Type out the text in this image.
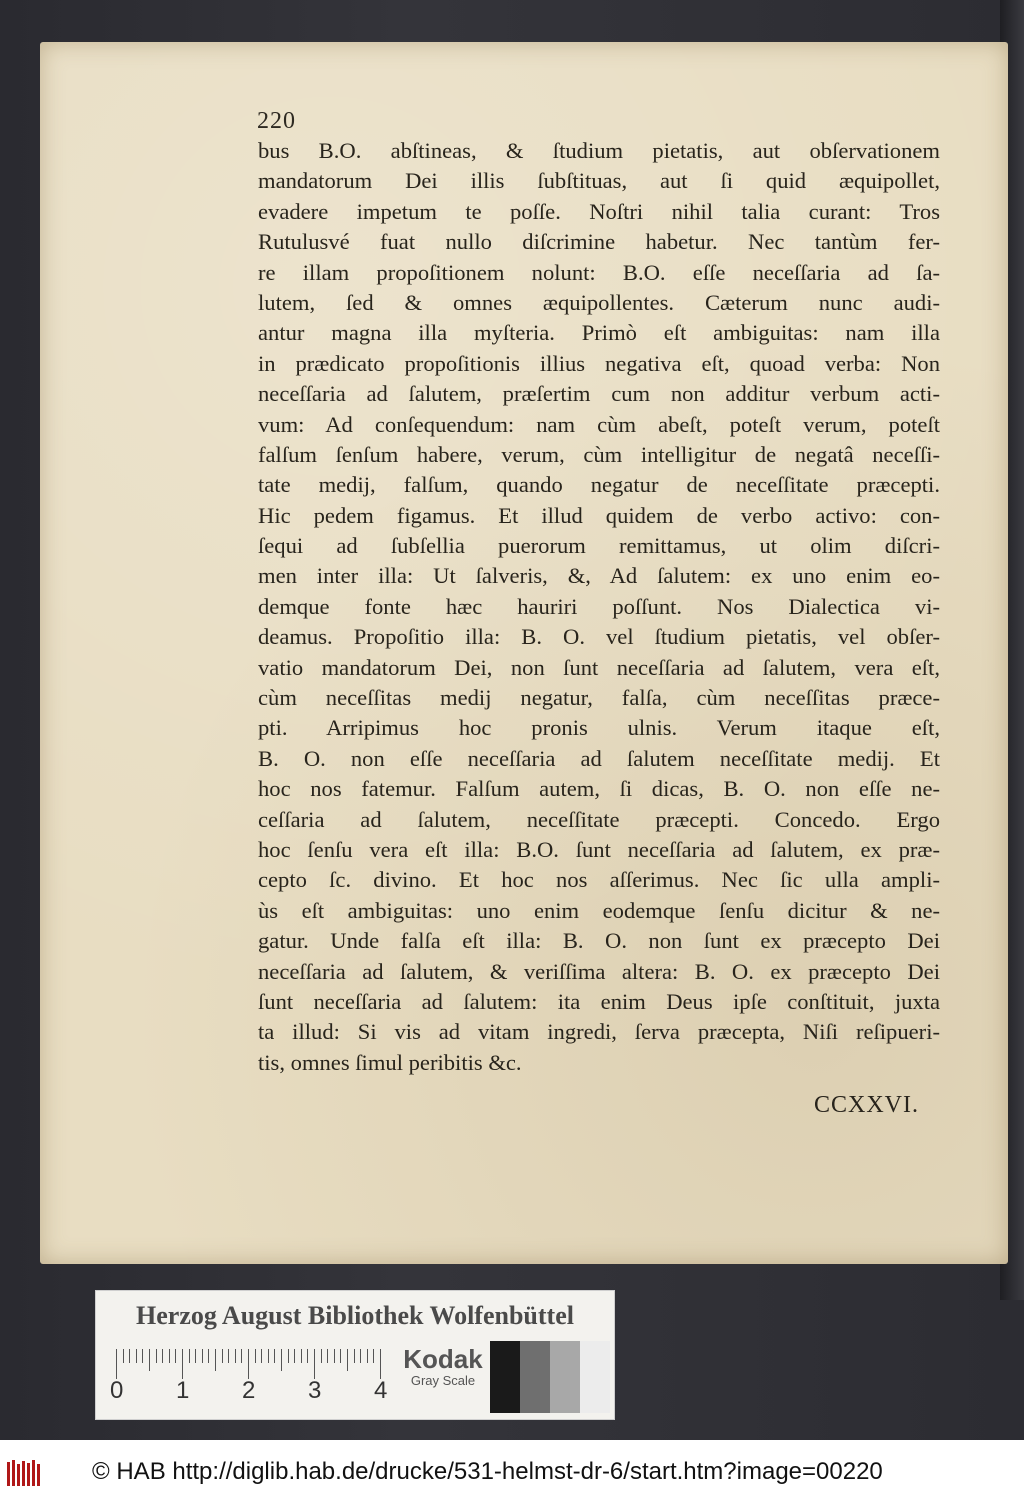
220
bus B.O. abſtineas, & ſtudium pietatis, aut obſervationem
mandatorum Dei illis ſubſtituas, aut ſi quid æquipollet,
evadere impetum te poſſe. Noſtri nihil talia curant: Tros
Rutulusvé fuat nullo diſcrimine habetur. Nec tantùm fer-
re illam propoſitionem nolunt: B.O. eſſe neceſſaria ad ſa-
lutem, ſed & omnes æquipollentes. Cæterum nunc audi-
antur magna illa myſteria. Primò eſt ambiguitas: nam illa
in prædicato propoſitionis illius negativa eſt, quoad verba: Non
neceſſaria ad ſalutem, præſertim cum non additur verbum acti-
vum: Ad conſequendum: nam cùm abeſt, poteſt verum, poteſt
falſum ſenſum habere, verum, cùm intelligitur de negatâ neceſſi-
tate medij, falſum, quando negatur de neceſſitate præcepti.
Hic pedem figamus. Et illud quidem de verbo activo: con-
ſequi ad ſubſellia puerorum remittamus, ut olim diſcri-
men inter illa: Ut ſalveris, &, Ad ſalutem: ex uno enim eo-
demque fonte hæc hauriri poſſunt. Nos Dialectica vi-
deamus. Propoſitio illa: B. O. vel ſtudium pietatis, vel obſer-
vatio mandatorum Dei, non ſunt neceſſaria ad ſalutem, vera eſt,
cùm neceſſitas medij negatur, falſa, cùm neceſſitas præce-
pti. Arripimus hoc pronis ulnis. Verum itaque eſt,
B. O. non eſſe neceſſaria ad ſalutem neceſſitate medij. Et
hoc nos fatemur. Falſum autem, ſi dicas, B. O. non eſſe ne-
ceſſaria ad ſalutem, neceſſitate præcepti. Concedo. Ergo
hoc ſenſu vera eſt illa: B.O. ſunt neceſſaria ad ſalutem, ex præ-
cepto ſc. divino. Et hoc nos aſſerimus. Nec ſic ulla ampli-
ùs eſt ambiguitas: uno enim eodemque ſenſu dicitur & ne-
gatur. Unde falſa eſt illa: B. O. non ſunt ex præcepto Dei
neceſſaria ad ſalutem, & veriſſima altera: B. O. ex præcepto Dei
ſunt neceſſaria ad ſalutem: ita enim Deus ipſe conſtituit, juxta
ta illud: Si vis ad vitam ingredi, ſerva præcepta, Niſi reſipueri-
tis, omnes ſimul peribitis &c.
CCXXVI.
Herzog August Bibliothek Wolfenbüttel
0 1 2 3 4
Kodak
Gray Scale
© HAB http://diglib.hab.de/drucke/531-helmst-dr-6/start.htm?image=00220
